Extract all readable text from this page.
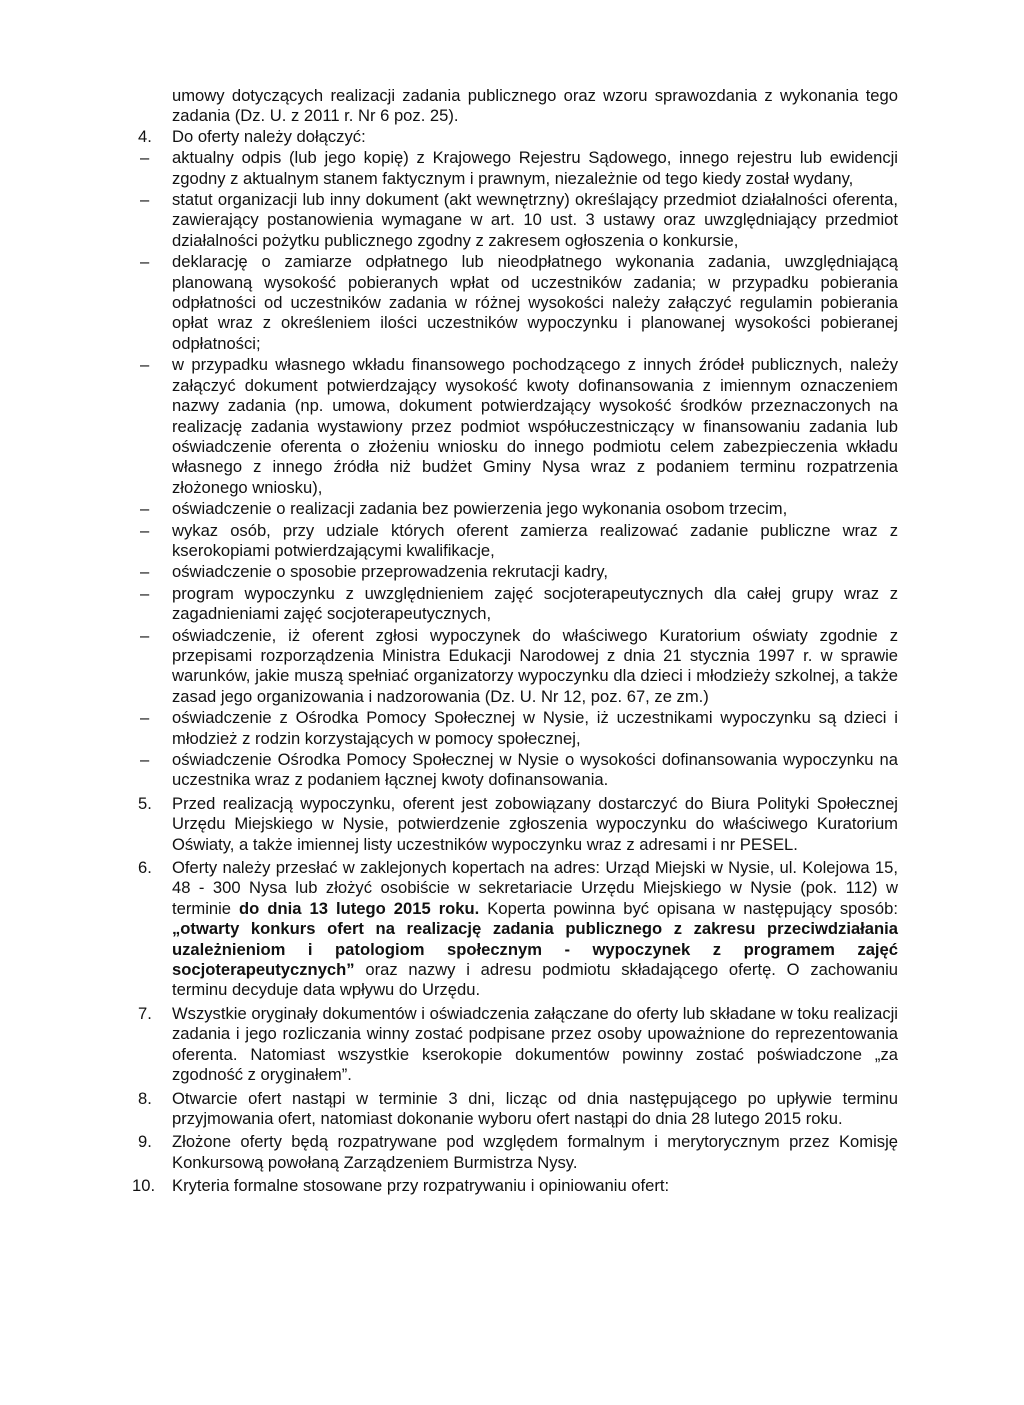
umowy dotyczących realizacji zadania publicznego oraz wzoru sprawozdania z wykonania tego zadania (Dz. U. z 2011 r. Nr 6 poz. 25).

4.	Do oferty należy dołączyć:

–	aktualny odpis (lub jego kopię) z Krajowego Rejestru Sądowego, innego rejestru lub ewidencji zgodny z aktualnym stanem faktycznym i prawnym, niezależnie od tego kiedy został wydany,

–	statut organizacji lub inny dokument (akt wewnętrzny) określający przedmiot działalności oferenta, zawierający postanowienia wymagane w art. 10 ust. 3 ustawy oraz uwzględniający przedmiot działalności pożytku publicznego zgodny z zakresem ogłoszenia o konkursie,

–	deklarację o zamiarze odpłatnego lub nieodpłatnego wykonania zadania, uwzględniającą planowaną wysokość pobieranych wpłat od uczestników zadania; w przypadku pobierania odpłatności od uczestników zadania w różnej wysokości należy załączyć regulamin pobierania opłat wraz z określeniem ilości uczestników wypoczynku i planowanej wysokości pobieranej odpłatności;

–	w przypadku własnego wkładu finansowego pochodzącego z innych źródeł publicznych, należy załączyć dokument potwierdzający wysokość kwoty dofinansowania z imiennym oznaczeniem nazwy zadania (np. umowa, dokument potwierdzający wysokość środków przeznaczonych na realizację zadania wystawiony przez podmiot współuczestniczący w finansowaniu zadania lub oświadczenie oferenta o złożeniu wniosku do innego podmiotu celem zabezpieczenia wkładu własnego z innego źródła niż budżet Gminy Nysa wraz z podaniem terminu rozpatrzenia złożonego wniosku),

–	oświadczenie o realizacji zadania bez powierzenia jego wykonania osobom trzecim,

–	wykaz osób, przy udziale których oferent zamierza realizować zadanie publiczne wraz z kserokopiami potwierdzającymi kwalifikacje,

–	oświadczenie o sposobie przeprowadzenia rekrutacji kadry,

–	program wypoczynku z uwzględnieniem zajęć socjoterapeutycznych dla całej grupy wraz z zagadnieniami zajęć socjoterapeutycznych,

–	oświadczenie, iż oferent zgłosi wypoczynek do właściwego Kuratorium oświaty zgodnie z przepisami rozporządzenia Ministra Edukacji Narodowej z dnia 21 stycznia 1997 r. w sprawie warunków, jakie muszą spełniać organizatorzy wypoczynku dla dzieci i młodzieży szkolnej, a także zasad jego organizowania i nadzorowania (Dz. U. Nr 12, poz. 67, ze zm.)

–	oświadczenie z Ośrodka Pomocy Społecznej w Nysie, iż uczestnikami wypoczynku są dzieci i młodzież z rodzin korzystających w pomocy społecznej,

–	oświadczenie Ośrodka Pomocy Społecznej w Nysie o wysokości dofinansowania wypoczynku na uczestnika wraz z podaniem łącznej kwoty dofinansowania.

5.	Przed realizacją wypoczynku, oferent jest zobowiązany dostarczyć do Biura Polityki Społecznej Urzędu Miejskiego w Nysie, potwierdzenie zgłoszenia wypoczynku do właściwego Kuratorium Oświaty, a także imiennej listy uczestników wypoczynku wraz z adresami i nr PESEL.

6.	Oferty należy przesłać w zaklejonych kopertach na adres: Urząd Miejski w Nysie, ul. Kolejowa 15, 48 - 300 Nysa lub złożyć osobiście w sekretariacie Urzędu Miejskiego w Nysie (pok. 112) w terminie do dnia 13 lutego 2015 roku. Koperta powinna być opisana w następujący sposób: „otwarty konkurs ofert na realizację zadania publicznego z zakresu przeciwdziałania uzależnieniom i patologiom społecznym - wypoczynek z programem zajęć socjoterapeutycznych” oraz nazwy i adresu podmiotu składającego ofertę. O zachowaniu terminu decyduje data wpływu do Urzędu.

7.	Wszystkie oryginały dokumentów i oświadczenia załączane do oferty lub składane w toku realizacji zadania i jego rozliczania winny zostać podpisane przez osoby upoważnione do reprezentowania oferenta. Natomiast wszystkie kserokopie dokumentów powinny zostać poświadczone „za zgodność z oryginałem”.

8.	Otwarcie ofert nastąpi w terminie 3 dni, licząc od dnia następującego po upływie terminu przyjmowania ofert, natomiast dokonanie wyboru ofert nastąpi do dnia 28 lutego 2015 roku.

9.	Złożone oferty będą rozpatrywane pod względem formalnym i merytorycznym przez Komisję Konkursową powołaną Zarządzeniem Burmistrza Nysy.

10.	Kryteria formalne stosowane przy rozpatrywaniu i opiniowaniu ofert:
